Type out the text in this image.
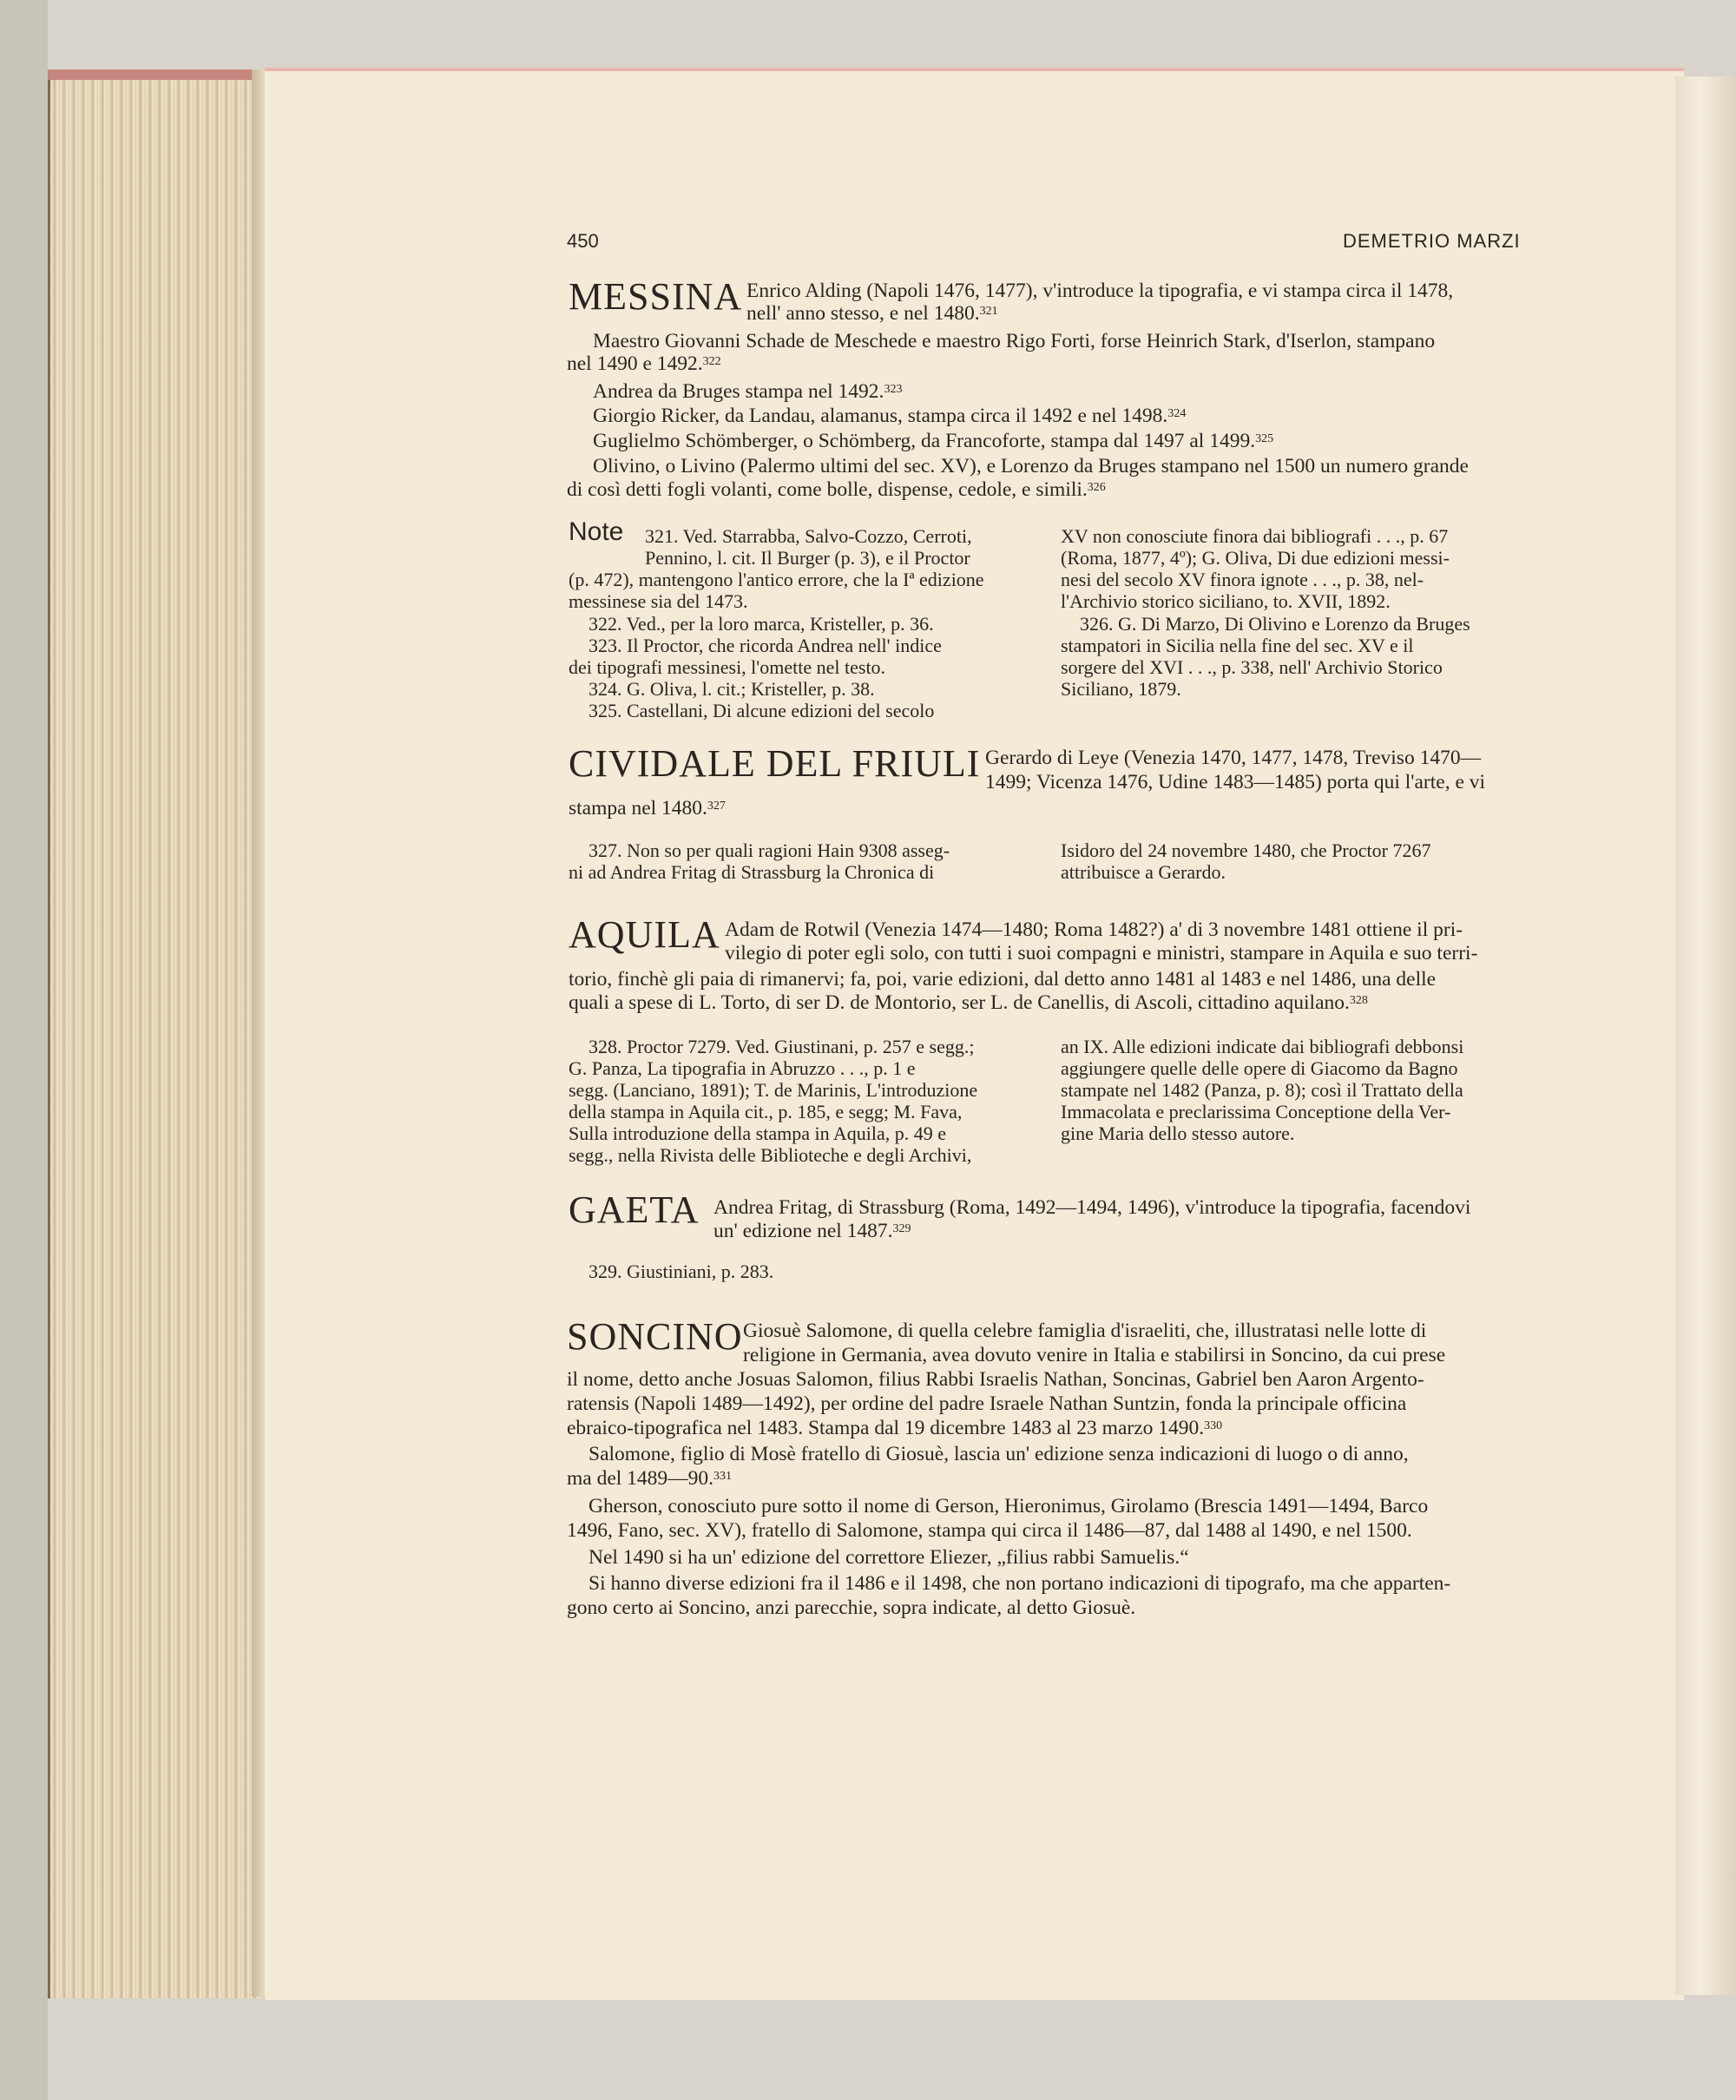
450	DEMETRIO MARZI
MESSINA Enrico Alding (Napoli 1476, 1477), v'introduce la tipografia, e vi stampa circa il 1478,
nell' anno stesso, e nel 1480.$^{321}$
Maestro Giovanni Schade de Meschede e maestro Rigo Forti, forse Heinrich Stark, d'Iserlon, stampano
nel 1490 e 1492.$^{322}$
Andrea da Bruges stampa nel 1492.$^{323}$
Giorgio Ricker, da Landau, alamanus, stampa circa il 1492 e nel 1498.$^{324}$
Guglielmo Schömberger, o Schömberg, da Francoforte, stampa dal 1497 al 1499.$^{325}$
Olivino, o Livino (Palermo ultimi del sec. XV), e Lorenzo da Bruges stampano nel 1500 un numero grande
di così detti fogli volanti, come bolle, dispense, cedole, e simili.$^{326}$
Note 321. Ved. Starrabba, Salvo-Cozzo, Cerroti,
Pennino, l. cit. Il Burger (p. 3), e il Proctor
(p. 472), mantengono l'antico errore, che la Iª edizione
messinese sia del 1473.
322. Ved., per la loro marca, Kristeller, p. 36.
323. Il Proctor, che ricorda Andrea nell' indice
dei tipografi messinesi, l'omette nel testo.
324. G. Oliva, l. cit.; Kristeller, p. 38.
325. Castellani, Di alcune edizioni del secolo
XV non conosciute finora dai bibliografi . . ., p. 67
(Roma, 1877, 4º); G. Oliva, Di due edizioni messi-
nesi del secolo XV finora ignote . . ., p. 38, nel-
l'Archivio storico siciliano, to. XVII, 1892.
326. G. Di Marzo, Di Olivino e Lorenzo da Bruges
stampatori in Sicilia nella fine del sec. XV e il
sorgere del XVI . . ., p. 338, nell' Archivio Storico
Siciliano, 1879.
CIVIDALE DEL FRIULI Gerardo di Leye (Venezia 1470, 1477, 1478, Treviso 1470—
1499; Vicenza 1476, Udine 1483—1485) porta qui l'arte, e vi
stampa nel 1480.$^{327}$
327. Non so per quali ragioni Hain 9308 asseg-
ni ad Andrea Fritag di Strassburg la Chronica di
Isidoro del 24 novembre 1480, che Proctor 7267
attribuisce a Gerardo.
AQUILA Adam de Rotwil (Venezia 1474—1480; Roma 1482?) a' di 3 novembre 1481 ottiene il pri-
vilegio di poter egli solo, con tutti i suoi compagni e ministri, stampare in Aquila e suo terri-
torio, finchè gli paia di rimanervi; fa, poi, varie edizioni, dal detto anno 1481 al 1483 e nel 1486, una delle
quali a spese di L. Torto, di ser D. de Montorio, ser L. de Canellis, di Ascoli, cittadino aquilano.$^{328}$
328. Proctor 7279. Ved. Giustinani, p. 257 e segg.;
G. Panza, La tipografia in Abruzzo . . ., p. 1 e
segg. (Lanciano, 1891); T. de Marinis, L'introduzione
della stampa in Aquila cit., p. 185, e segg; M. Fava,
Sulla introduzione della stampa in Aquila, p. 49 e
segg., nella Rivista delle Biblioteche e degli Archivi,
an IX. Alle edizioni indicate dai bibliografi debbonsi
aggiungere quelle delle opere di Giacomo da Bagno
stampate nel 1482 (Panza, p. 8); così il Trattato della
Immacolata e preclarissima Conceptione della Ver-
gine Maria dello stesso autore.
GAETA Andrea Fritag, di Strassburg (Roma, 1492—1494, 1496), v'introduce la tipografia, facendovi
un' edizione nel 1487.$^{329}$
329. Giustiniani, p. 283.
SONCINO Giosuè Salomone, di quella celebre famiglia d'israeliti, che, illustratasi nelle lotte di
religione in Germania, avea dovuto venire in Italia e stabilirsi in Soncino, da cui prese
il nome, detto anche Josuas Salomon, filius Rabbi Israelis Nathan, Soncinas, Gabriel ben Aaron Argento-
ratensis (Napoli 1489—1492), per ordine del padre Israele Nathan Suntzin, fonda la principale officina
ebraico-tipografica nel 1483. Stampa dal 19 dicembre 1483 al 23 marzo 1490.$^{330}$
Salomone, figlio di Mosè fratello di Giosuè, lascia un' edizione senza indicazioni di luogo o di anno,
ma del 1489—90.$^{331}$
Gherson, conosciuto pure sotto il nome di Gerson, Hieronimus, Girolamo (Brescia 1491—1494, Barco
1496, Fano, sec. XV), fratello di Salomone, stampa qui circa il 1486—87, dal 1488 al 1490, e nel 1500.
Nel 1490 si ha un' edizione del correttore Eliezer, „filius rabbi Samuelis.“
Si hanno diverse edizioni fra il 1486 e il 1498, che non portano indicazioni di tipografo, ma che apparten-
gono certo ai Soncino, anzi parecchie, sopra indicate, al detto Giosuè.
